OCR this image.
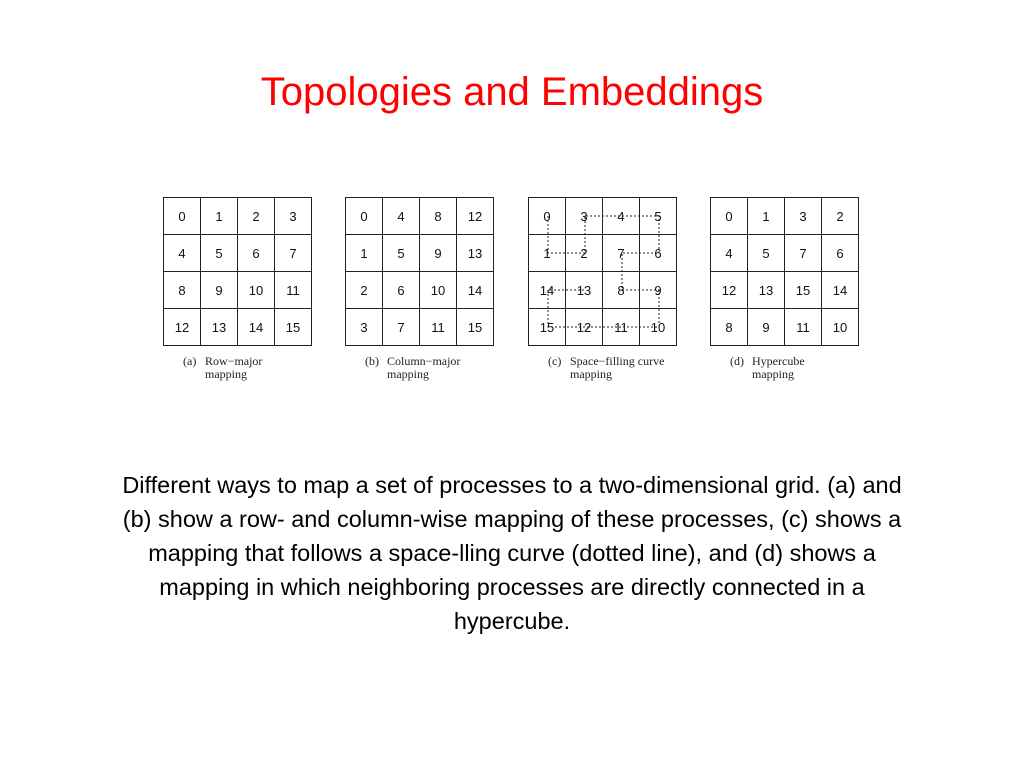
Topologies and Embeddings
0	1	2	3
4	5	6	7
8	9	10	11
12	13	14	15
(a) Row−major
mapping
0	4	8	12
1	5	9	13
2	6	10	14
3	7	11	15
(b) Column−major
mapping
0	3	4	5
1	2	7	6
14	13	8	9
15	12	11	10
(c) Space−filling curve
mapping
0	1	3	2
4	5	7	6
12	13	15	14
8	9	11	10
(d) Hypercube
mapping
Different ways to map a set of processes to a two-dimensional grid. (a) and (b) show a row- and column-wise mapping of these processes, (c) shows a mapping that follows a space-lling curve (dotted line), and (d) shows a mapping in which neighboring processes are directly connected in a hypercube.
